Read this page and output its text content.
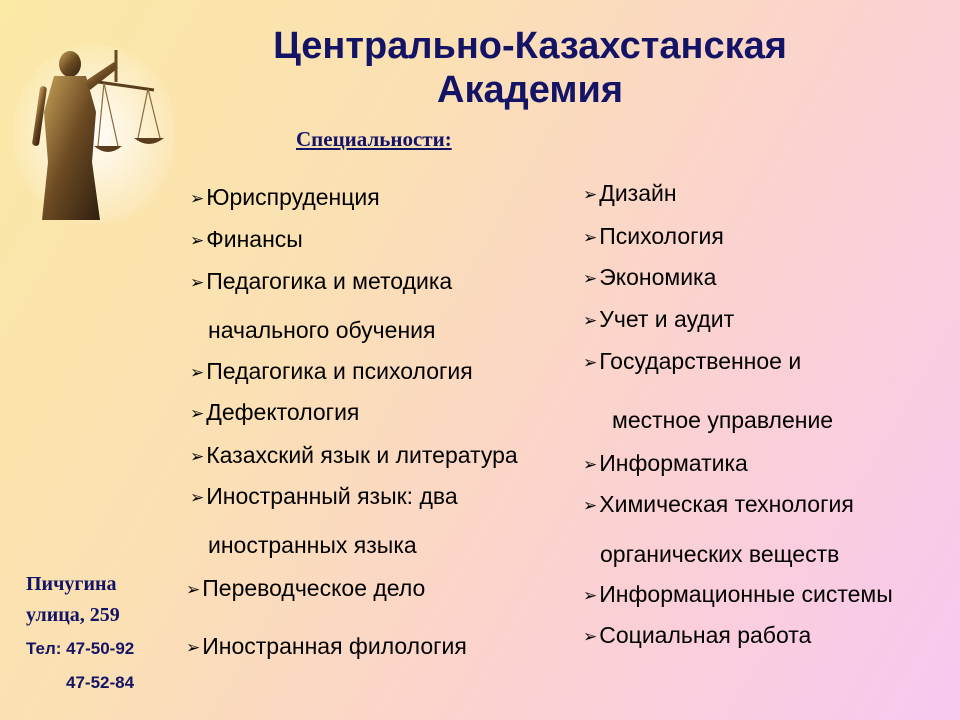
Центрально-Казахстанская
Академия
Специальности:
➢Юриспруденция
➢Финансы
➢Педагогика и методика
начального обучения
➢Педагогика и психология
➢Дефектология
➢Казахский язык и литература
➢Иностранный язык: два
иностранных языка
➢Переводческое дело
➢Иностранная филология
➢Дизайн
➢Психология
➢Экономика
➢Учет и аудит
➢Государственное и
местное управление
➢Информатика
➢Химическая технология
органических веществ
➢Информационные системы
➢Социальная работа
Пичугина
улица, 259
Тел: 47-50-92
47-52-84
